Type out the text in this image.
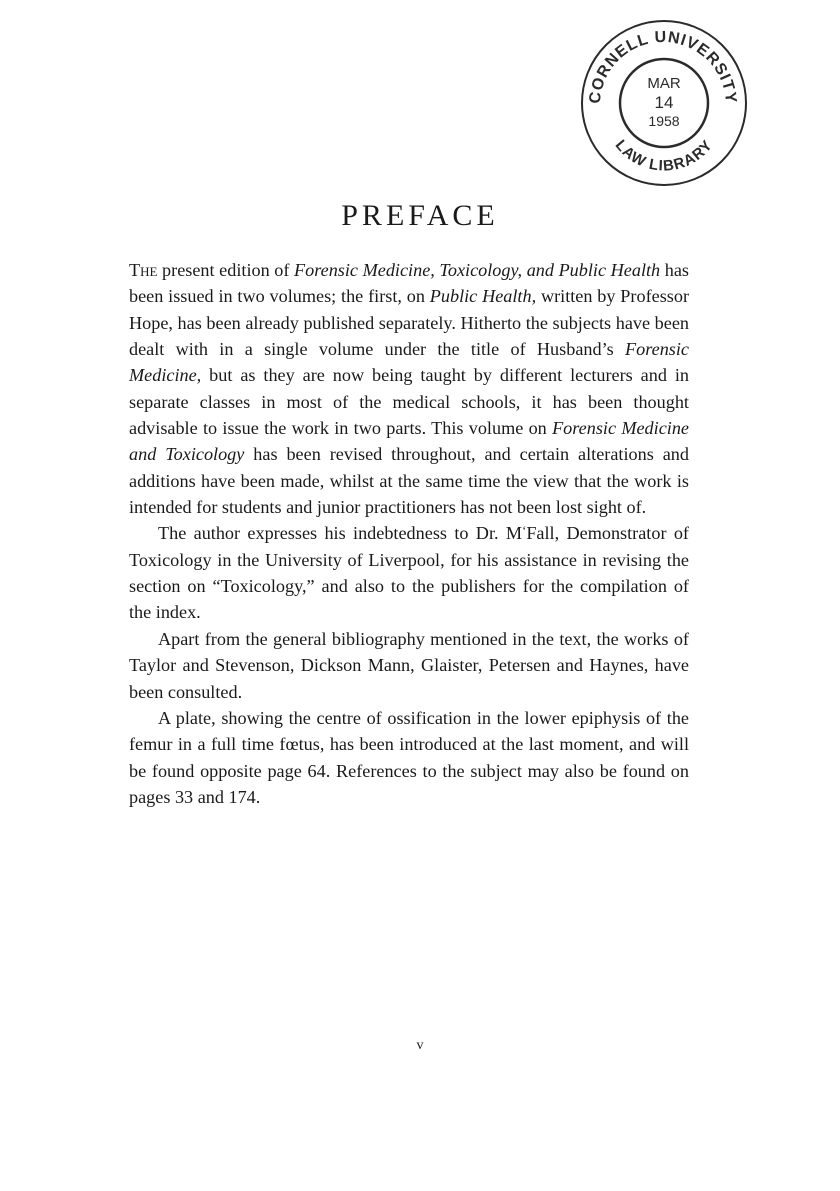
CORNELL UNIVERSITY
LAW LIBRARY
MAR
14
1958
PREFACE

The present edition of Forensic Medicine, Toxicology, and Public Health has been issued in two volumes; the first, on Public Health, written by Professor Hope, has been already published separately. Hitherto the subjects have been dealt with in a single volume under the title of Husband’s Forensic Medicine, but as they are now being taught by different lecturers and in separate classes in most of the medical schools, it has been thought advisable to issue the work in two parts. This volume on Forensic Medicine and Toxicology has been revised throughout, and certain alterations and additions have been made, whilst at the same time the view that the work is intended for students and junior practitioners has not been lost sight of.

The author expresses his indebtedness to Dr. M‘Fall, Demonstrator of Toxicology in the University of Liverpool, for his assistance in revising the section on “Toxicology,” and also to the publishers for the compilation of the index.

Apart from the general bibliography mentioned in the text, the works of Taylor and Stevenson, Dickson Mann, Glaister, Petersen and Haynes, have been consulted.

A plate, showing the centre of ossification in the lower epiphysis of the femur in a full time fœtus, has been introduced at the last moment, and will be found opposite page 64. References to the subject may also be found on pages 33 and 174.

v
